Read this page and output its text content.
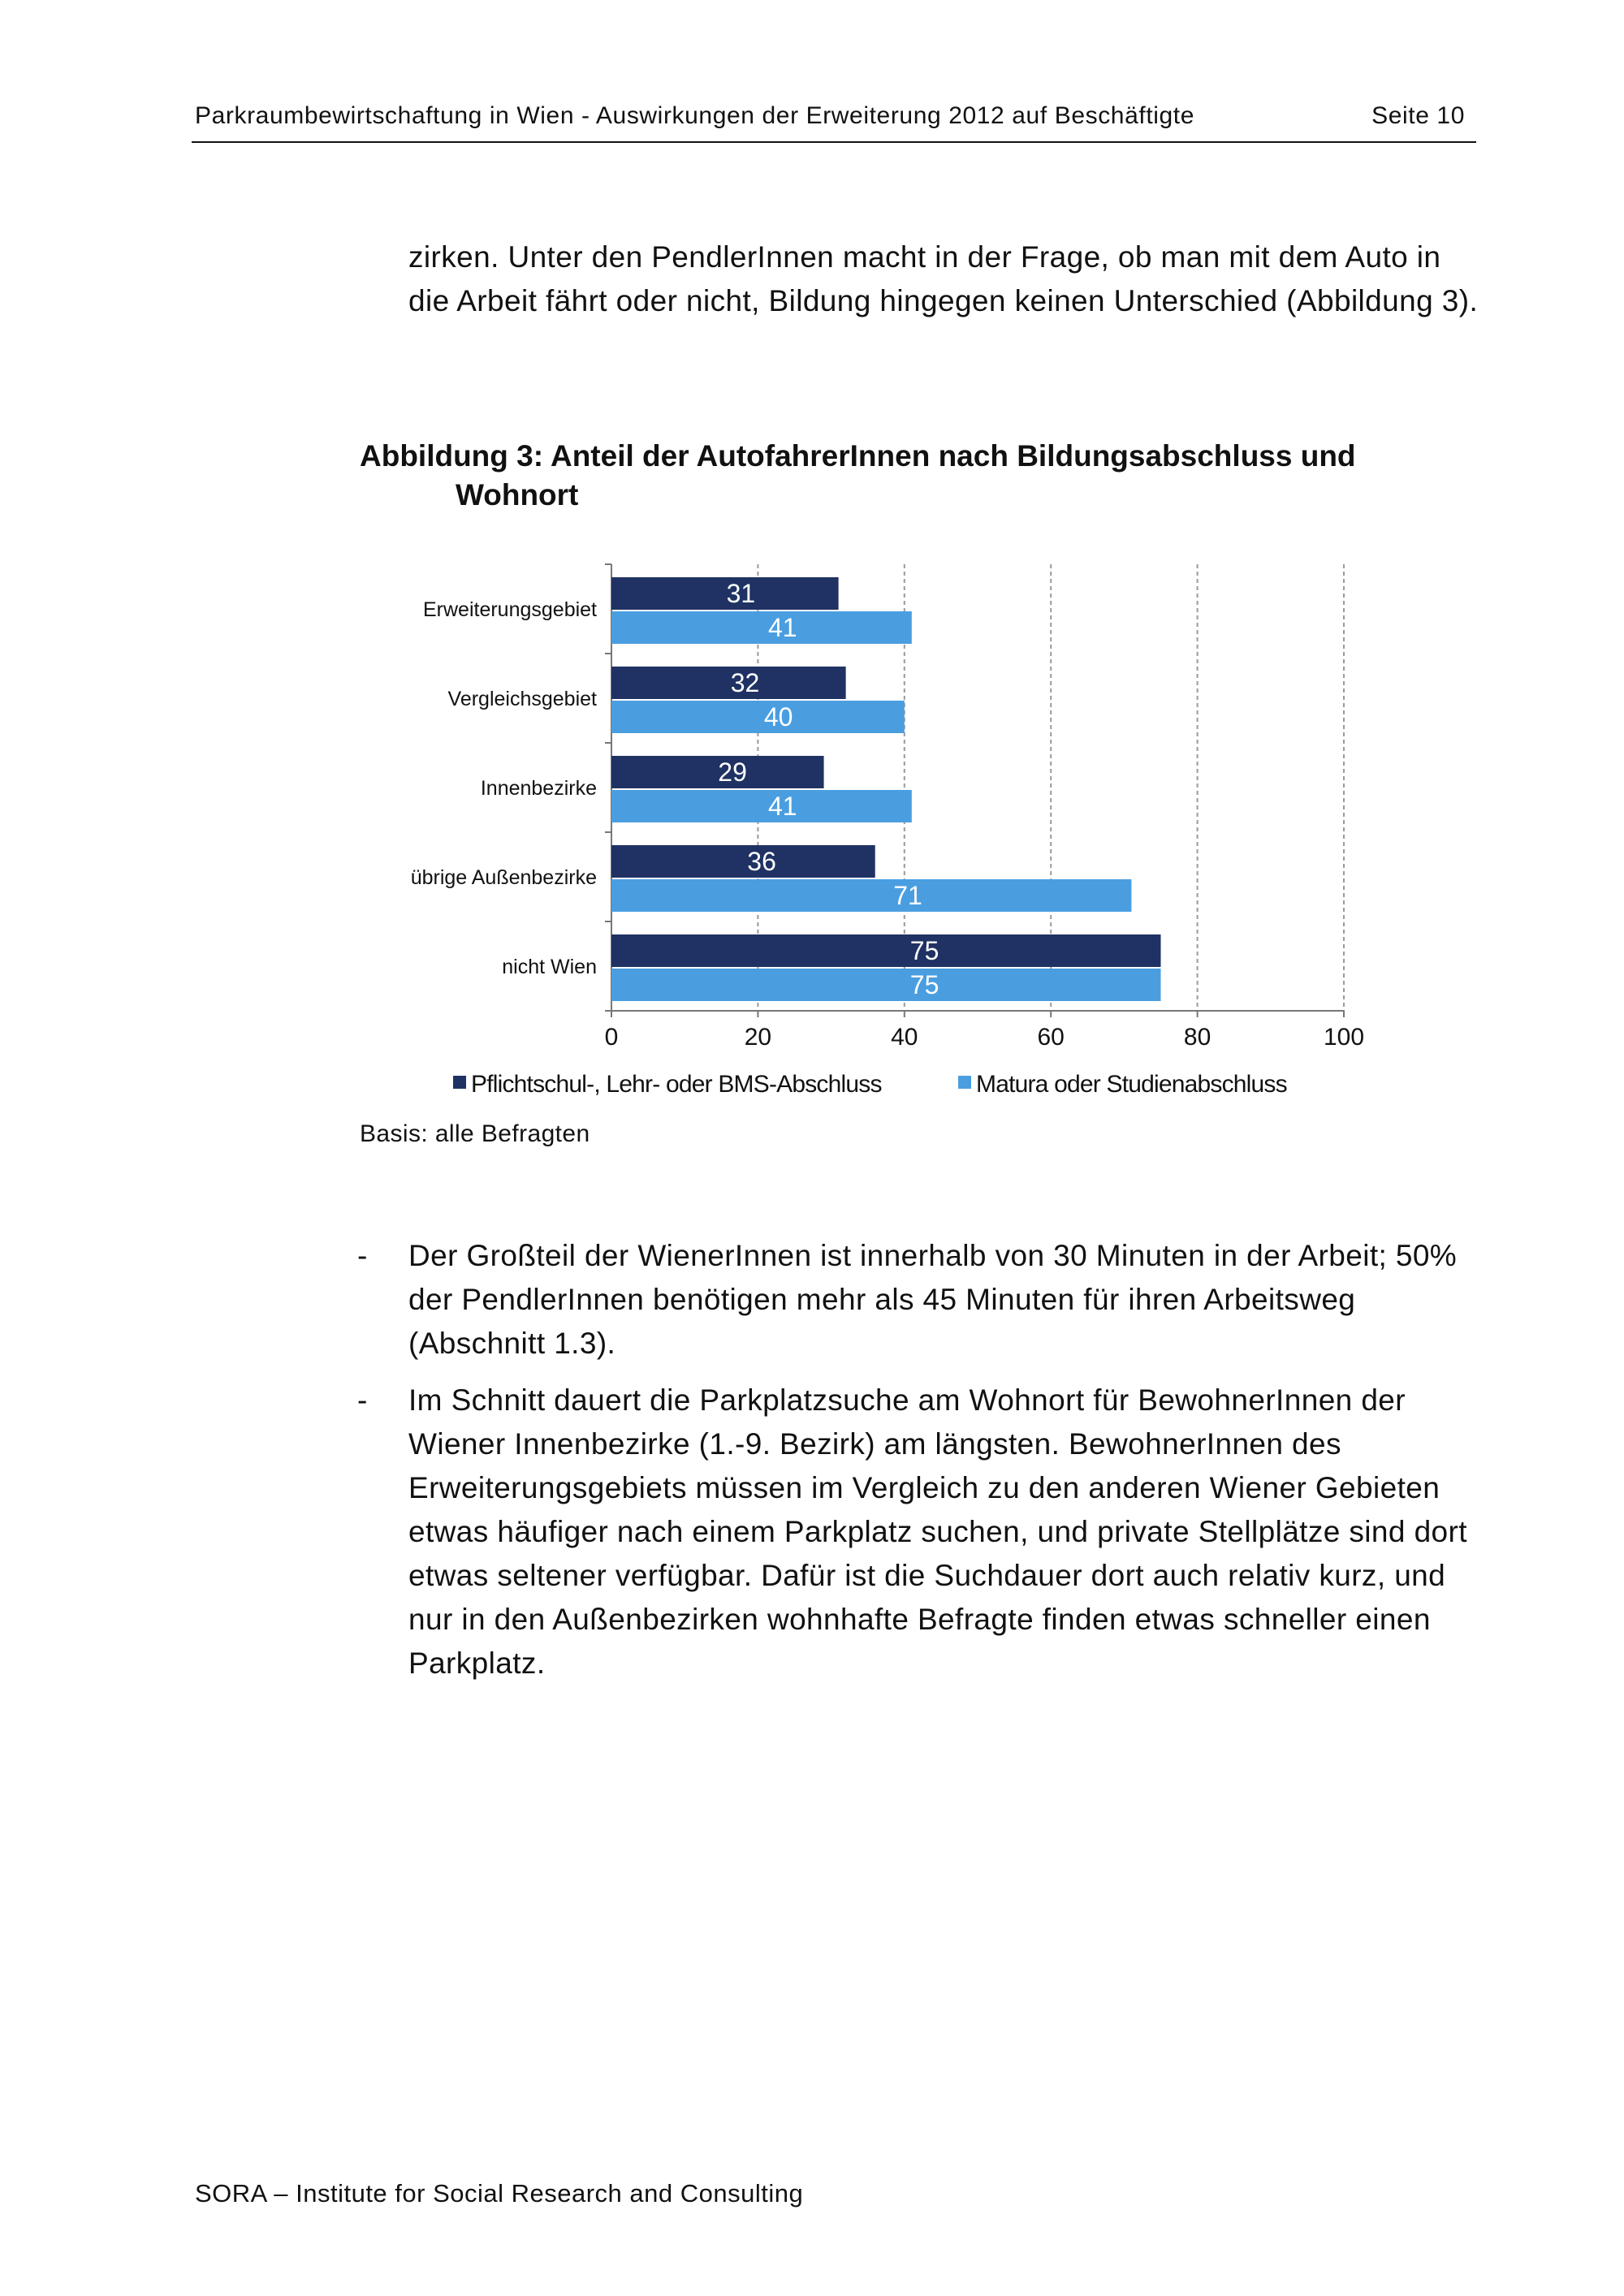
Parkraumbewirtschaftung in Wien - Auswirkungen der Erweiterung 2012 auf Beschäftigte	Seite 10
zirken. Unter den PendlerInnen macht in der Frage, ob man mit dem Auto in die Arbeit fährt oder nicht, Bildung hingegen keinen Unterschied (Abbildung 3).
Abbildung 3: Anteil der AutofahrerInnen nach Bildungsabschluss und
Wohnort
0	20	40	60	80	100
Erweiterungsgebiet
31
41
Vergleichsgebiet
32
40
Innenbezirke
29
41
übrige Außenbezirke
36
71
nicht Wien
75
75
Pflichtschul-, Lehr- oder BMS-Abschluss	Matura oder Studienabschluss
Basis: alle Befragten
- Der Großteil der WienerInnen ist innerhalb von 30 Minuten in der Arbeit; 50% der PendlerInnen benötigen mehr als 45 Minuten für ihren Arbeitsweg (Abschnitt 1.3).
- Im Schnitt dauert die Parkplatzsuche am Wohnort für BewohnerInnen der Wiener Innenbezirke (1.-9. Bezirk) am längsten. BewohnerInnen des Erweiterungsgebiets müssen im Vergleich zu den anderen Wiener Gebieten etwas häufiger nach einem Parkplatz suchen, und private Stellplätze sind dort etwas seltener verfügbar. Dafür ist die Suchdauer dort auch relativ kurz, und nur in den Außenbezirken wohnhafte Befragte finden etwas schneller einen Parkplatz.
SORA – Institute for Social Research and Consulting
